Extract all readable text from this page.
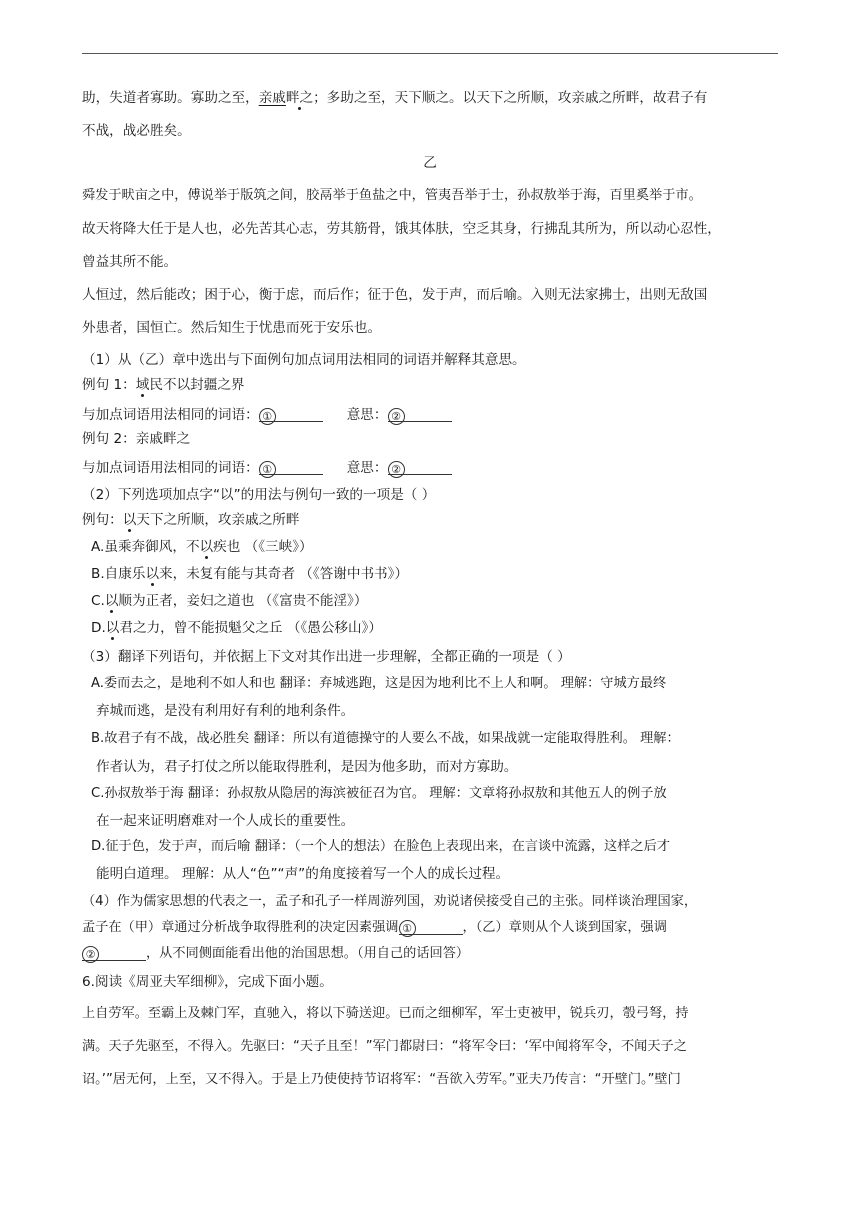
助，失道者寡助。寡助之至，亲戚畔之；多助之至，天下顺之。以天下之所顺，攻亲戚之所畔，故君子有
不战，战必胜矣。
乙
舜发于畎亩之中，傅说举于版筑之间，胶鬲举于鱼盐之中，管夷吾举于士，孙叔敖举于海，百里奚举于市。
故天将降大任于是人也，必先苦其心志，劳其筋骨，饿其体肤，空乏其身，行拂乱其所为，所以动心忍性，
曾益其所不能。
人恒过，然后能改；困于心，衡于虑，而后作；征于色，发于声，而后喻。入则无法家拂士，出则无敌国
外患者，国恒亡。然后知生于忧患而死于安乐也。
（1）从（乙）章中选出与下面例句加点词用法相同的词语并解释其意思。
例句 1：域民不以封疆之界
与加点词语用法相同的词语： ①	意思： ②
例句 2：亲戚畔之
与加点词语用法相同的词语： ①	意思： ②
（2）下列选项加点字“以”的用法与例句一致的一项是（ ）
例句：以天下之所顺，攻亲戚之所畔
A.虽乘奔御风，不以疾也 （《三峡》）
B.自康乐以来，未复有能与其奇者 （《答谢中书书》）
C.以顺为正者，妾妇之道也 （《富贵不能淫》）
D.以君之力，曾不能损魁父之丘 （《愚公移山》）
（3）翻译下列语句，并依据上下文对其作出进一步理解，全都正确的一项是（ ）
A.委而去之，是地利不如人和也 翻译：弃城逃跑，这是因为地利比不上人和啊。 理解：守城方最终
弃城而逃，是没有利用好有利的地利条件。
B.故君子有不战，战必胜矣 翻译：所以有道德操守的人要么不战，如果战就一定能取得胜利。 理解：
作者认为，君子打仗之所以能取得胜利，是因为他多助，而对方寡助。
C.孙叔敖举于海 翻译：孙叔敖从隐居的海滨被征召为官。 理解：文章将孙叔敖和其他五人的例子放
在一起来证明磨难对一个人成长的重要性。
D.征于色，发于声，而后喻 翻译：（一个人的想法）在脸色上表现出来，在言谈中流露，这样之后才
能明白道理。 理解：从人“色”“声”的角度接着写一个人的成长过程。
（4）作为儒家思想的代表之一，孟子和孔子一样周游列国，劝说诸侯接受自己的主张。同样谈治理国家，
孟子在（甲）章通过分析战争取得胜利的决定因素强调 ①	，（乙）章则从个人谈到国家，强调
②	，从不同侧面能看出他的治国思想。（用自己的话回答）
6.阅读《周亚夫军细柳》，完成下面小题。
上自劳军。至霸上及棘门军，直驰入，将以下骑送迎。已而之细柳军，军士吏被甲，锐兵刃，彀弓弩，持
满。天子先驱至，不得入。先驱曰：“天子且至！”军门都尉曰：“将军令曰：‘军中闻将军令，不闻天子之
诏。’”居无何，上至，又不得入。于是上乃使使持节诏将军：“吾欲入劳军。”亚夫乃传言：“开壁门。”壁门
